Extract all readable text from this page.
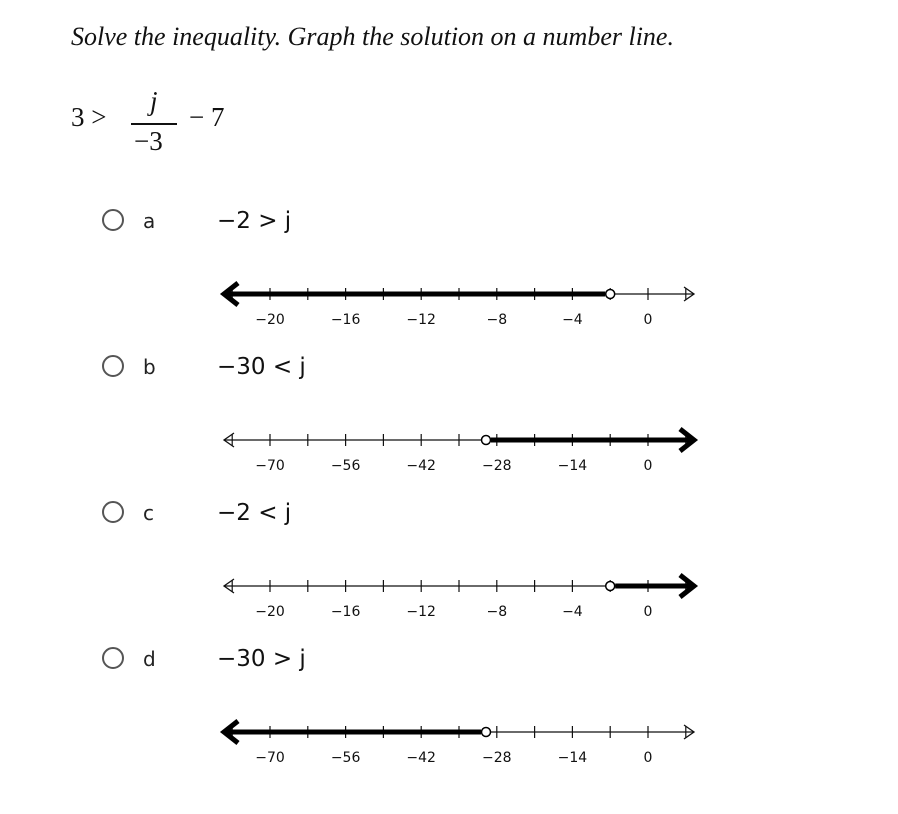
Solve the inequality. Graph the solution on a number line.
3 >
j
−3
− 7
a	−2 > j
−20	−16	−12	−8	−4	0
b	−30 < j
−70	−56	−42	−28	−14	0
c	−2 < j
−20	−16	−12	−8	−4	0
d	−30 > j
−70	−56	−42	−28	−14	0
